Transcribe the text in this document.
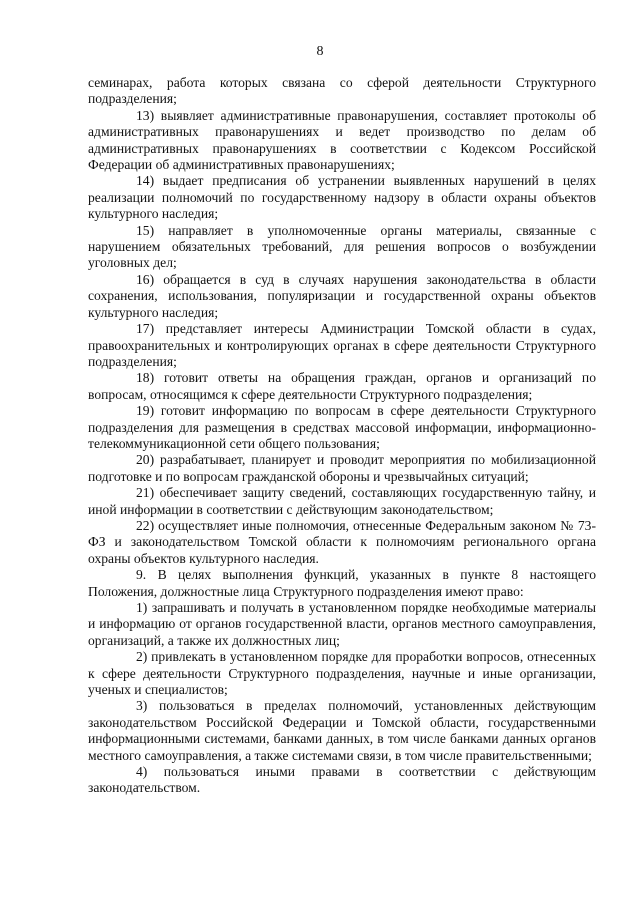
8

семинарах, работа которых связана со сферой деятельности Структурного подразделения;

13) выявляет административные правонарушения, составляет протоколы об административных правонарушениях и ведет производство по делам об административных правонарушениях в соответствии с Кодексом Российской Федерации об административных правонарушениях;

14) выдает предписания об устранении выявленных нарушений в целях реализации полномочий по государственному надзору в области охраны объектов культурного наследия;

15) направляет в уполномоченные органы материалы, связанные с нарушением обязательных требований, для решения вопросов о возбуждении уголовных дел;

16) обращается в суд в случаях нарушения законодательства в области сохранения, использования, популяризации и государственной охраны объектов культурного наследия;

17) представляет интересы Администрации Томской области в судах, правоохранительных и контролирующих органах в сфере деятельности Структурного подразделения;

18) готовит ответы на обращения граждан, органов и организаций по вопросам, относящимся к сфере деятельности Структурного подразделения;

19) готовит информацию по вопросам в сфере деятельности Структурного подразделения для размещения в средствах массовой информации, информационно-телекоммуникационной сети общего пользования;

20) разрабатывает, планирует и проводит мероприятия по мобилизационной подготовке и по вопросам гражданской обороны и чрезвычайных ситуаций;

21) обеспечивает защиту сведений, составляющих государственную тайну, и иной информации в соответствии с действующим законодательством;

22) осуществляет иные полномочия, отнесенные Федеральным законом № 73-ФЗ и законодательством Томской области к полномочиям регионального органа охраны объектов культурного наследия.

9. В целях выполнения функций, указанных в пункте 8 настоящего Положения, должностные лица Структурного подразделения имеют право:

1) запрашивать и получать в установленном порядке необходимые материалы и информацию от органов государственной власти, органов местного самоуправления, организаций, а также их должностных лиц;

2) привлекать в установленном порядке для проработки вопросов, отнесенных к сфере деятельности Структурного подразделения, научные и иные организации, ученых и специалистов;

3) пользоваться в пределах полномочий, установленных действующим законодательством Российской Федерации и Томской области, государственными информационными системами, банками данных, в том числе банками данных органов местного самоуправления, а также системами связи, в том числе правительственными;

4) пользоваться иными правами в соответствии с действующим законодательством.
